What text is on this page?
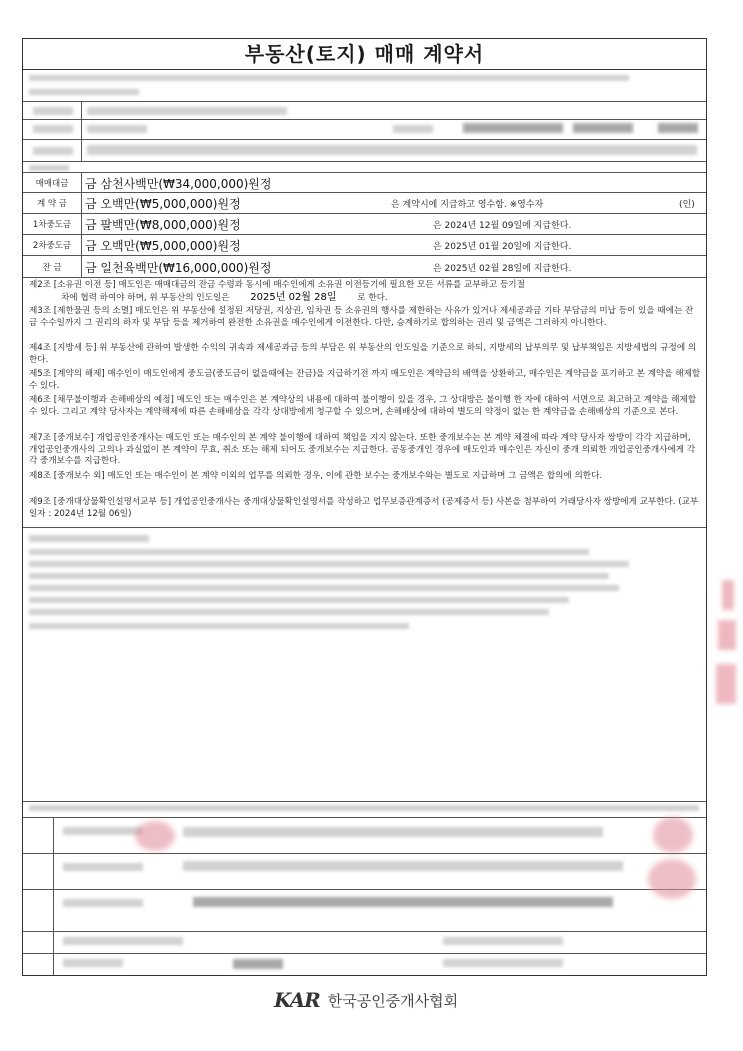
부동산(토지) 매매 계약서
매매대금	금 삼천사백만(₩34,000,000)원정
계 약 금	금 오백만(₩5,000,000)원정	은 계약시에 지급하고 영수함. ※영수자	(인)
1차중도금	금 팔백만(₩8,000,000)원정	은 2024년 12월 09일에 지급한다.
2차중도금	금 오백만(₩5,000,000)원정	은 2025년 01월 20일에 지급한다.
잔 금	금 일천육백만(₩16,000,000)원정	은 2025년 02월 28일에 지급한다.
제2조 [소유권 이전 등] 매도인은 매매대금의 잔금 수령과 동시에 매수인에게 소유권 이전등기에 필요한 모든 서류를 교부하고 등기절
차에 협력 하여야 하며, 위 부동산의 인도일은 2025년 02월 28일 로 한다.
제3조 [제한물권 등의 소멸] 매도인은 위 부동산에 설정된 저당권, 지상권, 임차권 등 소유권의 행사를 제한하는 사유가 있거나 제세공과금 기타 부담금의 미납 등이 있을 때에는 잔금 수수일까지 그 권리의 하자 및 부담 등을 제거하여 완전한 소유권을 매수인에게 이전한다. 다만, 승계하기로 합의하는 권리 및 금액은 그러하지 아니한다.
제4조 [지방세 등] 위 부동산에 관하여 발생한 수익의 귀속과 제세공과금 등의 부담은 위 부동산의 인도일을 기준으로 하되, 지방세의 납부의무 및 납부책임은 지방세법의 규정에 의한다.
제5조 [계약의 해제] 매수인이 매도인에게 중도금(중도금이 없을때에는 잔금)을 지급하기전 까지 매도인은 계약금의 배액을 상환하고, 매수인은 계약금을 포기하고 본 계약을 해제할 수 있다.
제6조 [채무불이행과 손해배상의 예정] 매도인 또는 매수인은 본 계약상의 내용에 대하여 불이행이 있을 경우, 그 상대방은 불이행 한 자에 대하여 서면으로 최고하고 계약을 해제할 수 있다. 그리고 계약 당사자는 계약해제에 따른 손해배상을 각각 상대방에게 청구할 수 있으며, 손해배상에 대하여 별도의 약정이 없는 한 계약금을 손해배상의 기준으로 본다.
제7조 [중개보수] 개업공인중개사는 매도인 또는 매수인의 본 계약 불이행에 대하여 책임을 지지 않는다. 또한 중개보수는 본 계약 체결에 따라 계약 당사자 쌍방이 각각 지급하며, 개업공인중개사의 고의나 과실없이 본 계약이 무효, 취소 또는 해제 되어도 중개보수는 지급한다. 공동중개인 경우에 매도인과 매수인은 자신이 중개 의뢰한 개업공인중개사에게 각각 중개보수를 지급한다.
제8조 [중개보수 외] 매도인 또는 매수인이 본 계약 이외의 업무를 의뢰한 경우, 이에 관한 보수는 중개보수와는 별도로 지급하며 그 금액은 합의에 의한다.
제9조 [중개대상물확인설명서교부 등] 개업공인중개사는 중개대상물확인설명서를 작성하고 업무보증관계증서 (공제증서 등) 사본을 첨부하여 거래당사자 쌍방에게 교부한다. (교부일자 : 2024년 12월 06일)
KAR 한국공인중개사협회
